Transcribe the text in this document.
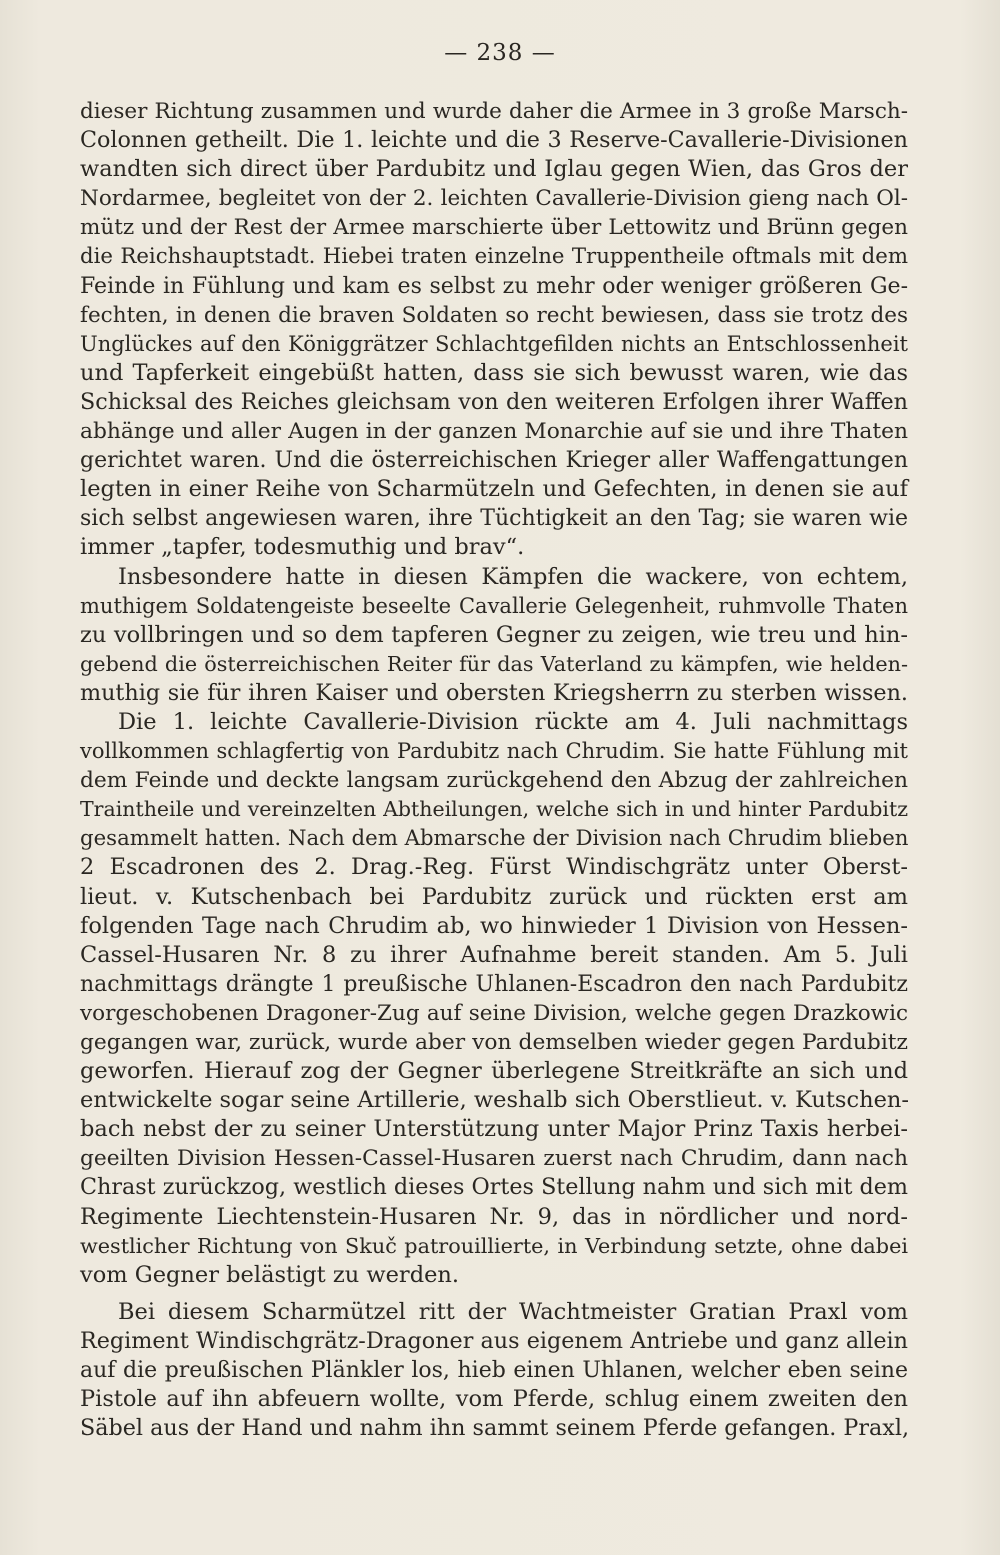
— 238 —
dieser Richtung zusammen und wurde daher die Armee in 3 große Marsch-
Colonnen getheilt. Die 1. leichte und die 3 Reserve-Cavallerie-Divisionen
wandten sich direct über Pardubitz und Iglau gegen Wien, das Gros der
Nordarmee, begleitet von der 2. leichten Cavallerie-Division gieng nach Ol-
mütz und der Rest der Armee marschierte über Lettowitz und Brünn gegen
die Reichshauptstadt. Hiebei traten einzelne Truppentheile oftmals mit dem
Feinde in Fühlung und kam es selbst zu mehr oder weniger größeren Ge-
fechten, in denen die braven Soldaten so recht bewiesen, dass sie trotz des
Unglückes auf den Königgrätzer Schlachtgefilden nichts an Entschlossenheit
und Tapferkeit eingebüßt hatten, dass sie sich bewusst waren, wie das
Schicksal des Reiches gleichsam von den weiteren Erfolgen ihrer Waffen
abhänge und aller Augen in der ganzen Monarchie auf sie und ihre Thaten
gerichtet waren. Und die österreichischen Krieger aller Waffengattungen
legten in einer Reihe von Scharmützeln und Gefechten, in denen sie auf
sich selbst angewiesen waren, ihre Tüchtigkeit an den Tag; sie waren wie
immer „tapfer, todesmuthig und brav“.
Insbesondere hatte in diesen Kämpfen die wackere, von echtem,
muthigem Soldatengeiste beseelte Cavallerie Gelegenheit, ruhmvolle Thaten
zu vollbringen und so dem tapferen Gegner zu zeigen, wie treu und hin-
gebend die österreichischen Reiter für das Vaterland zu kämpfen, wie helden-
muthig sie für ihren Kaiser und obersten Kriegsherrn zu sterben wissen.
Die 1. leichte Cavallerie-Division rückte am 4. Juli nachmittags
vollkommen schlagfertig von Pardubitz nach Chrudim. Sie hatte Fühlung mit
dem Feinde und deckte langsam zurückgehend den Abzug der zahlreichen
Traintheile und vereinzelten Abtheilungen, welche sich in und hinter Pardubitz
gesammelt hatten. Nach dem Abmarsche der Division nach Chrudim blieben
2 Escadronen des 2. Drag.-Reg. Fürst Windischgrätz unter Oberst-
lieut. v. Kutschenbach bei Pardubitz zurück und rückten erst am
folgenden Tage nach Chrudim ab, wo hinwieder 1 Division von Hessen-
Cassel-Husaren Nr. 8 zu ihrer Aufnahme bereit standen. Am 5. Juli
nachmittags drängte 1 preußische Uhlanen-Escadron den nach Pardubitz
vorgeschobenen Dragoner-Zug auf seine Division, welche gegen Drazkowic
gegangen war, zurück, wurde aber von demselben wieder gegen Pardubitz
geworfen. Hierauf zog der Gegner überlegene Streitkräfte an sich und
entwickelte sogar seine Artillerie, weshalb sich Oberstlieut. v. Kutschen-
bach nebst der zu seiner Unterstützung unter Major Prinz Taxis herbei-
geeilten Division Hessen-Cassel-Husaren zuerst nach Chrudim, dann nach
Chrast zurückzog, westlich dieses Ortes Stellung nahm und sich mit dem
Regimente Liechtenstein-Husaren Nr. 9, das in nördlicher und nord-
westlicher Richtung von Skuč patrouillierte, in Verbindung setzte, ohne dabei
vom Gegner belästigt zu werden.
Bei diesem Scharmützel ritt der Wachtmeister Gratian Praxl vom
Regiment Windischgrätz-Dragoner aus eigenem Antriebe und ganz allein
auf die preußischen Plänkler los, hieb einen Uhlanen, welcher eben seine
Pistole auf ihn abfeuern wollte, vom Pferde, schlug einem zweiten den
Säbel aus der Hand und nahm ihn sammt seinem Pferde gefangen. Praxl,
